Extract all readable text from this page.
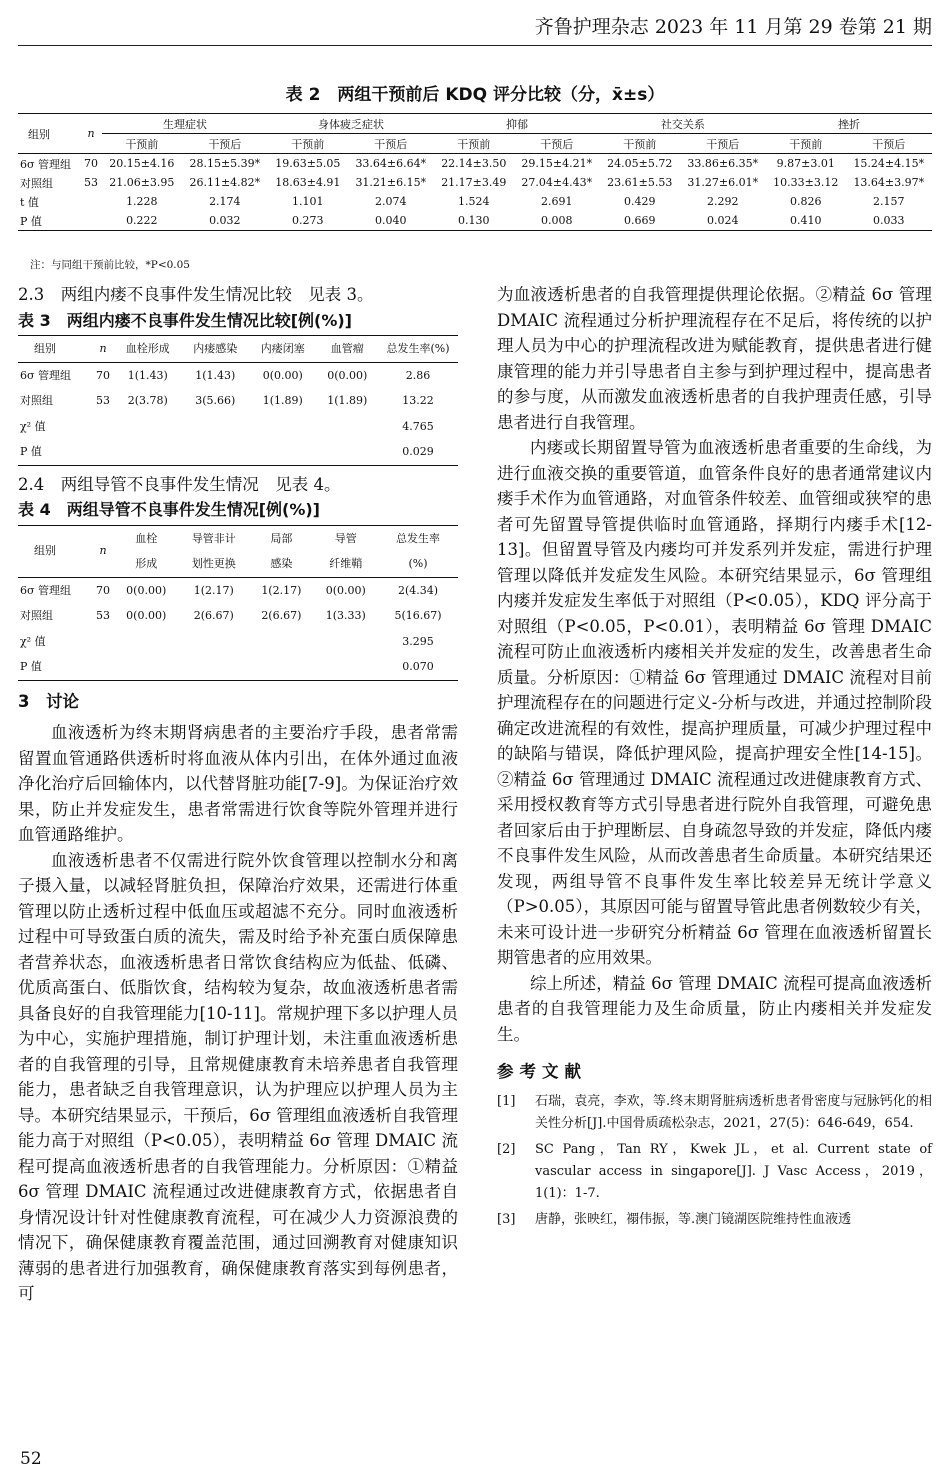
齐鲁护理杂志 2023 年 11 月第 29 卷第 21 期
表 2　两组干预前后 KDQ 评分比较（分，x̄±s）
组别	n	生理症状		身体疲乏症状		抑郁		社交关系		挫折	
		干预前	干预后	干预前	干预后	干预前	干预后	干预前	干预后	干预前	干预后
6σ 管理组	70	20.15±4.16	28.15±5.39*	19.63±5.05	33.64±6.64*	22.14±3.50	29.15±4.21*	24.05±5.72	33.86±6.35*	9.87±3.01	15.24±4.15*
对照组	53	21.06±3.95	26.11±4.82*	18.63±4.91	31.21±6.15*	21.17±3.49	27.04±4.43*	23.61±5.53	31.27±6.01*	10.33±3.12	13.64±3.97*
t 值		1.228	2.174	1.101	2.074	1.524	2.691	0.429	2.292	0.826	2.157
P 值		0.222	0.032	0.273	0.040	0.130	0.008	0.669	0.024	0.410	0.033
注：与同组干预前比较，*P<0.05

2.3　两组内瘘不良事件发生情况比较　见表 3。

表 3　两组内瘘不良事件发生情况比较[例(%)]

组别	n	血栓形成	内瘘感染	内瘘闭塞	血管瘤	总发生率(%)
6σ 管理组	70	1(1.43)	1(1.43)	0(0.00)	0(0.00)	2.86
对照组	53	2(3.78)	3(5.66)	1(1.89)	1(1.89)	13.22
χ² 值						4.765
P 值						0.029

2.4　两组导管不良事件发生情况　见表 4。

表 4　两组导管不良事件发生情况[例(%)]

组别	n	血栓	导管非计	局部	导管	总发生率
		形成	划性更换	感染	纤维鞘	(%)
6σ 管理组	70	0(0.00)	1(2.17)	1(2.17)	0(0.00)	2(4.34)
对照组	53	0(0.00)	2(6.67)	2(6.67)	1(3.33)	5(16.67)
χ² 值						3.295
P 值						0.070

3　讨论

血液透析为终末期肾病患者的主要治疗手段，患者常需留置血管通路供透析时将血液从体内引出，在体外通过血液净化治疗后回输体内，以代替肾脏功能[7-9]。为保证治疗效果，防止并发症发生，患者常需进行饮食等院外管理并进行血管通路维护。

血液透析患者不仅需进行院外饮食管理以控制水分和离子摄入量，以减轻肾脏负担，保障治疗效果，还需进行体重管理以防止透析过程中低血压或超滤不充分。同时血液透析过程中可导致蛋白质的流失，需及时给予补充蛋白质保障患者营养状态，血液透析患者日常饮食结构应为低盐、低磷、优质高蛋白、低脂饮食，结构较为复杂，故血液透析患者需具备良好的自我管理能力[10-11]。常规护理下多以护理人员为中心，实施护理措施，制订护理计划，未注重血液透析患者的自我管理的引导，且常规健康教育未培养患者自我管理能力，患者缺乏自我管理意识，认为护理应以护理人员为主导。本研究结果显示，干预后，6σ 管理组血液透析自我管理能力高于对照组（P<0.05），表明精益 6σ 管理 DMAIC 流程可提高血液透析患者的自我管理能力。分析原因：①精益 6σ 管理 DMAIC 流程通过改进健康教育方式，依据患者自身情况设计针对性健康教育流程，可在减少人力资源浪费的情况下，确保健康教育覆盖范围，通过回溯教育对健康知识薄弱的患者进行加强教育，确保健康教育落实到每例患者，可

为血液透析患者的自我管理提供理论依据。②精益 6σ 管理 DMAIC 流程通过分析护理流程存在不足后，将传统的以护理人员为中心的护理流程改进为赋能教育，提供患者进行健康管理的能力并引导患者自主参与到护理过程中，提高患者的参与度，从而激发血液透析患者的自我护理责任感，引导患者进行自我管理。

内瘘或长期留置导管为血液透析患者重要的生命线，为进行血液交换的重要管道，血管条件良好的患者通常建议内瘘手术作为血管通路，对血管条件较差、血管细或狭窄的患者可先留置导管提供临时血管通路，择期行内瘘手术[12-13]。但留置导管及内瘘均可并发系列并发症，需进行护理管理以降低并发症发生风险。本研究结果显示，6σ 管理组内瘘并发症发生率低于对照组（P<0.05），KDQ 评分高于对照组（P<0.05，P<0.01），表明精益 6σ 管理 DMAIC 流程可防止血液透析内瘘相关并发症的发生，改善患者生命质量。分析原因：①精益 6σ 管理通过 DMAIC 流程对目前护理流程存在的问题进行定义-分析与改进，并通过控制阶段确定改进流程的有效性，提高护理质量，可减少护理过程中的缺陷与错误，降低护理风险，提高护理安全性[14-15]。②精益 6σ 管理通过 DMAIC 流程通过改进健康教育方式、采用授权教育等方式引导患者进行院外自我管理，可避免患者回家后由于护理断层、自身疏忽导致的并发症，降低内瘘不良事件发生风险，从而改善患者生命质量。本研究结果还发现，两组导管不良事件发生率比较差异无统计学意义（P>0.05），其原因可能与留置导管此患者例数较少有关，未来可设计进一步研究分析精益 6σ 管理在血液透析留置长期管患者的应用效果。

综上所述，精益 6σ 管理 DMAIC 流程可提高血液透析患者的自我管理能力及生命质量，防止内瘘相关并发症发生。

参考文献

[1]	石瑞，袁亮，李欢，等.终末期肾脏病透析患者骨密度与冠脉钙化的相关性分析[J].中国骨质疏松杂志，2021，27(5)：646-649，654.

[2]	SC Pang，Tan RY，Kwek JL，et al. Current state of vascular access in singapore[J]. J Vasc Access，2019，1(1)：1-7.

[3]	唐静，张映红，禤伟振，等.澳门镜湖医院维持性血液透

52
